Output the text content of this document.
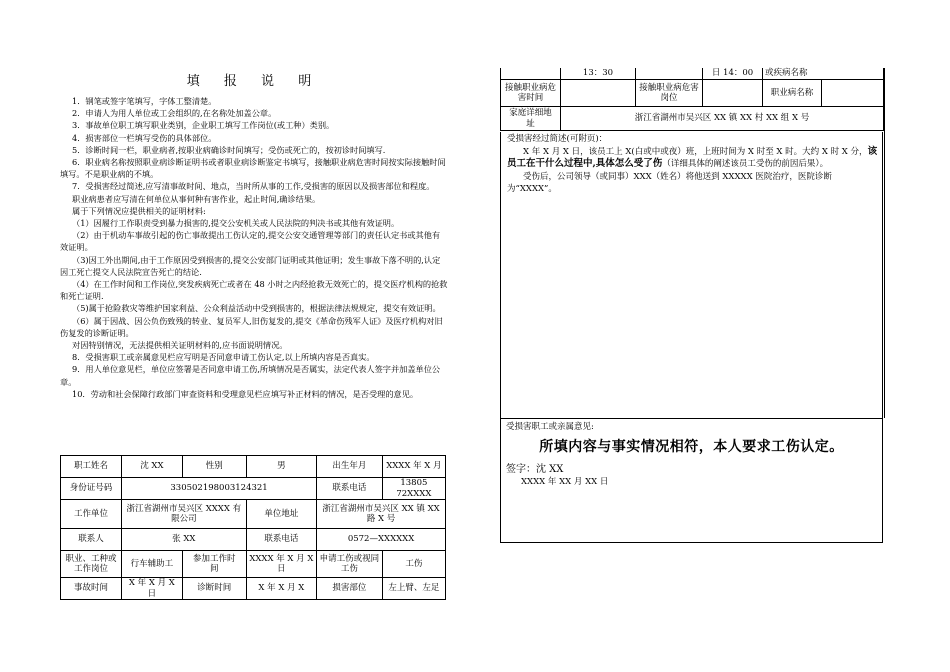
填 报 说 明

1．钢笔或签字笔填写，字体工整清楚。

2．申请人为用人单位或工会组织的,在名称处加盖公章。

3．事故单位职工填写职业类别，企业职工填写工作岗位(或工种）类别。

4．损害部位一栏填写受伤的具体部位。

5．诊断时间一栏，职业病者,按职业病确诊时间填写；受伤或死亡的，按初诊时间填写.

6．职业病名称按照职业病诊断证明书或者职业病诊断鉴定书填写，接触职业病危害时间按实际接触时间填写。不是职业病的不填。

7．受损害经过简述,应写清事故时间、地点，当时所从事的工作,受损害的原因以及损害部位和程度。

职业病患者应写清在何单位从事何种有害作业，起止时间,确诊结果。

属于下列情况应提供相关的证明材料:

（1）因履行工作职责受到暴力损害的,提交公安机关或人民法院的判决书或其他有效证明。

（2）由于机动车事故引起的伤亡事故提出工伤认定的,提交公安交通管理等部门的责任认定书或其他有效证明。

（3)因工外出期间,由于工作原因受到损害的,提交公安部门证明或其他证明；发生事故下落不明的,认定因工死亡提交人民法院宣告死亡的结论.

（4）在工作时间和工作岗位,突发疾病死亡或者在 48 小时之内经抢救无效死亡的，提交医疗机构的抢救和死亡证明.

（5)属于抢险救灾等维护国家利益、公众利益活动中受到损害的，根据法律法规规定，提交有效证明。

（6）属于因战、因公负伤致残的转业、复员军人,旧伤复发的,提交《革命伤残军人证》及医疗机构对旧伤复发的诊断证明。

对因特别情况，无法提供相关证明材料的,应书面说明情况。

8．受损害职工或亲属意见栏应写明是否同意申请工伤认定,以上所填内容是否真实。

9．用人单位意见栏，单位应签署是否同意申请工伤,所填情况是否属实，法定代表人签字并加盖单位公章。

10．劳动和社会保障行政部门审查资料和受理意见栏应填写补正材料的情况，是否受理的意见。

职工姓名	沈 XX	性别	男	出生年月	XXXX 年 X 月
身份证号码	330502198003124321			联系电话	13805 72XXXX
工作单位	浙江省湖州市吴兴区 XXXX 有限公司		单位地址	浙江省湖州市吴兴区 XX 镇 XX 路 X 号	
联系人	张 XX		联系电话	0572—XXXXXX	
职业、工种或工作岗位	行车辅助工	参加工作时　间	XXXX 年 X 月 X 日	申请工伤或视同工伤	工伤
事故时间	X 年 X 月 X 日	诊断时间	X 年 X 月 X	损害部位	左上臂、左足
	13：30		日 14：00	或疾病名称	
接触职业病危害时间		接触职业病危害岗位		职业病名称	
家庭详细地　址	浙江省湖州市吴兴区 XX 镇 XX 村 XX 组 X 号				

受损害经过简述(可附页)：

X 年 X 月 X 日，该员工上 X(白或中或夜）班，上班时间为 X 时至 X 时。大约 X 时 X 分，该员工在干什么过程中,具体怎么受了伤（详细具体的阐述该员工受伤的前因后果）。

受伤后，公司领导（或同事）XXX（姓名）将他送到 XXXXX 医院治疗，医院诊断为“XXXX”。

受损害职工或亲属意见:
所填内容与事实情况相符，本人要求工伤认定。
签字：沈 XX
XXXX 年 XX 月 XX 日
